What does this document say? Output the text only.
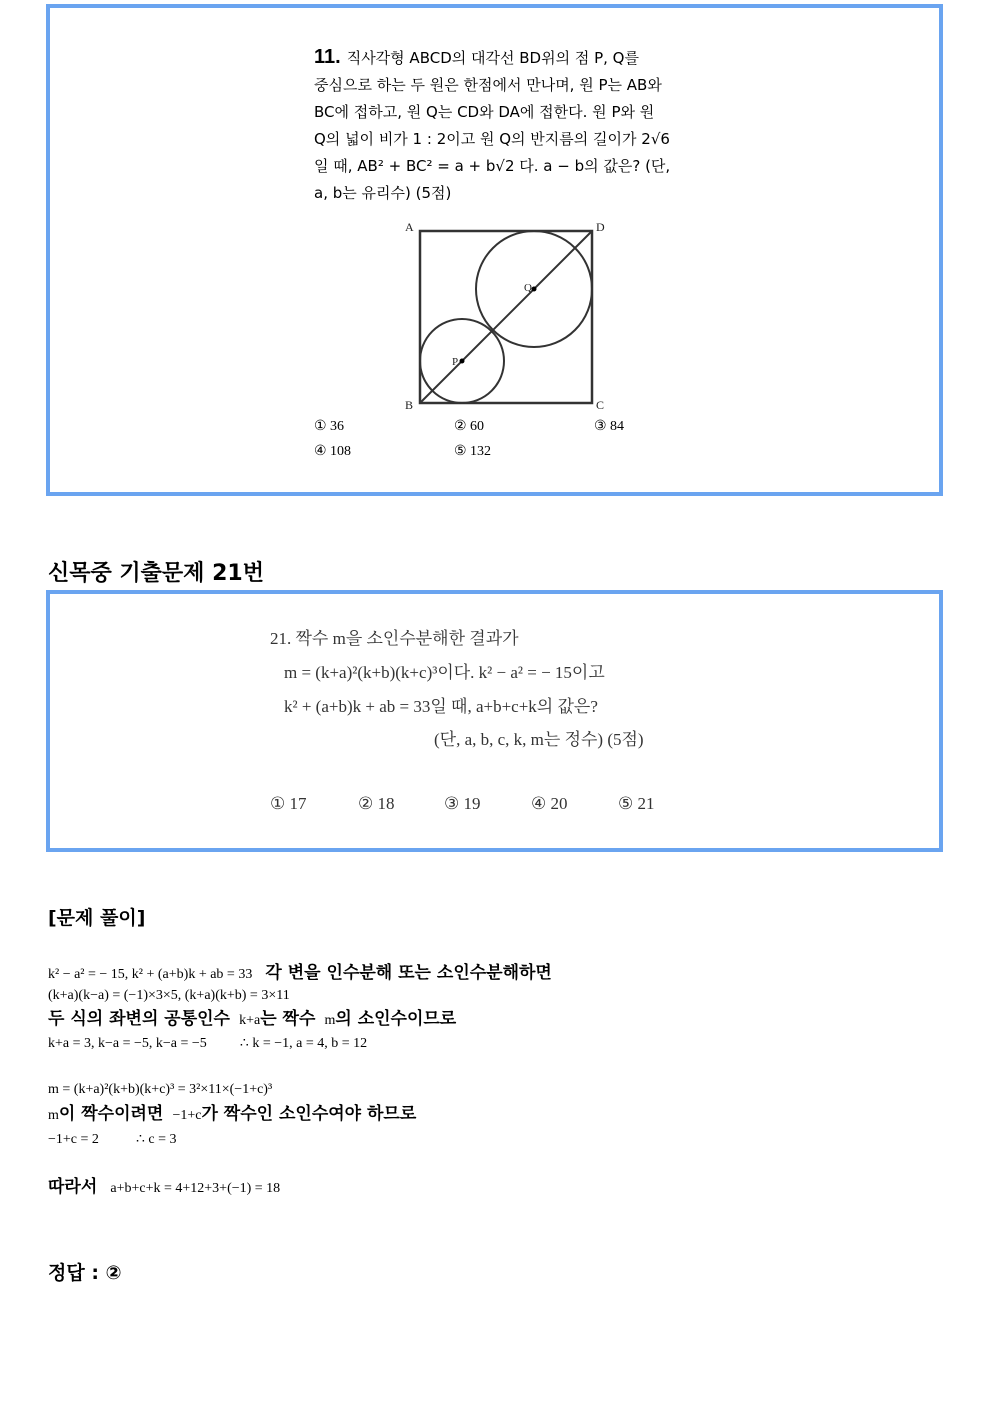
11. 직사각형 ABCD의 대각선 BD위의 점 P, Q를
중심으로 하는 두 원은 한점에서 만나며, 원 P는 AB와
BC에 접하고, 원 Q는 CD와 DA에 접한다. 원 P와 원
Q의 넓이 비가 1 : 2이고 원 Q의 반지름의 길이가 2√6
일 때, AB² + BC² = a + b√2 다. a − b의 값은? (단,
a, b는 유리수) (5점)
A	D
B	C
P
Q
① 36	② 60	③ 84
④ 108	⑤ 132
신목중 기출문제 21번
21. 짝수 m을 소인수분해한 결과가
m = (k+a)²(k+b)(k+c)³이다. k² − a² = − 15이고
k² + (a+b)k + ab = 33일 때, a+b+c+k의 값은?
(단, a, b, c, k, m는 정수) (5점)
① 17	② 18	③ 19	④ 20	⑤ 21
[문제 풀이]
k² − a² = − 15, k² + (a+b)k + ab = 33 각 변을 인수분해 또는 소인수분해하면
(k+a)(k−a) = (−1)×3×5, (k+a)(k+b) = 3×11
두 식의 좌변의 공통인수 k+a는 짝수 m의 소인수이므로
k+a = 3, k−a = −5, k−a = −5 ∴ k = −1, a = 4, b = 12
m = (k+a)²(k+b)(k+c)³ = 3²×11×(−1+c)³
m이 짝수이려면 −1+c가 짝수인 소인수여야 하므로
−1+c = 2	∴ c = 3
따라서 a+b+c+k = 4+12+3+(−1) = 18
정답 : ②
